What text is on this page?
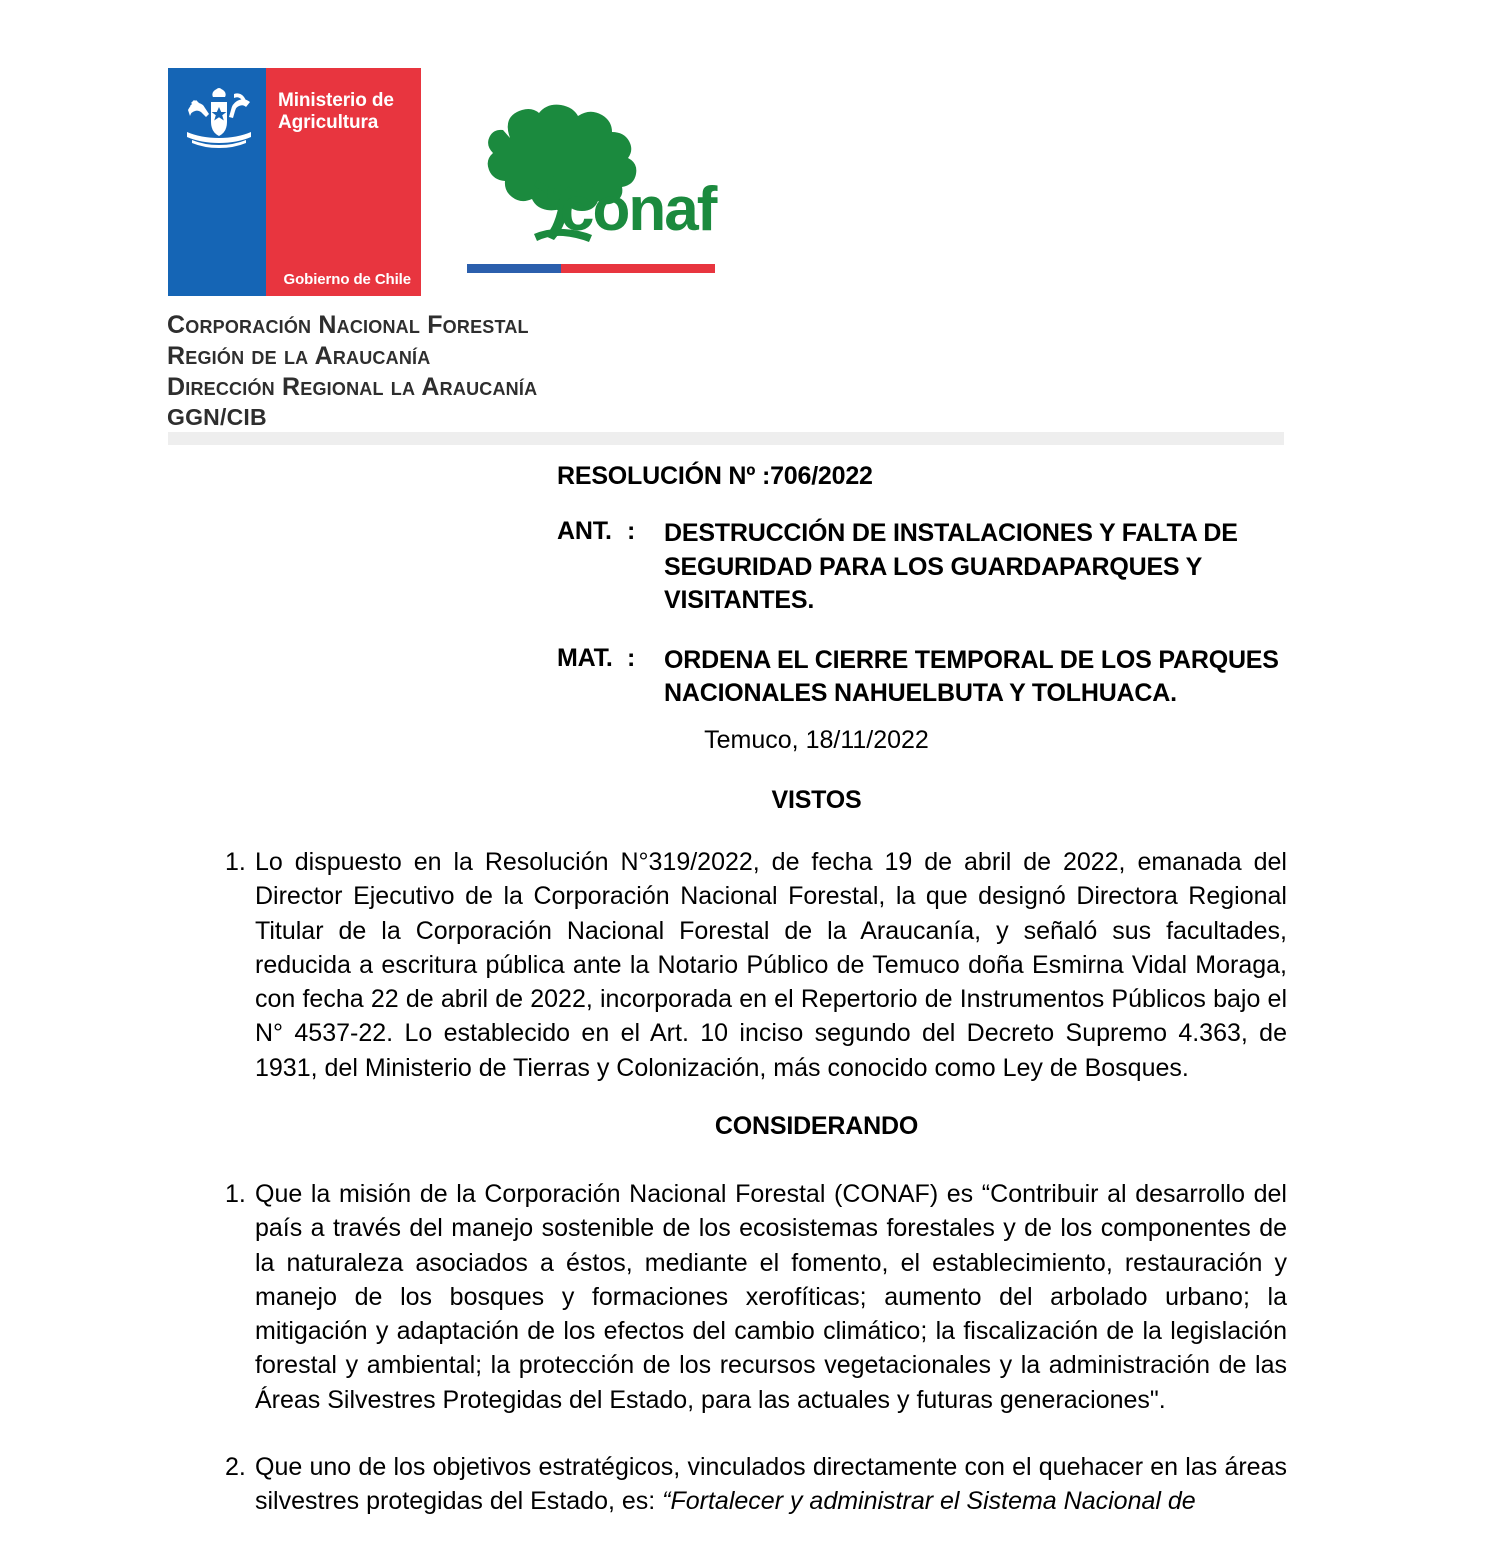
Ministerio de
Agricultura
Gobierno de Chile
conaf
Corporación Nacional Forestal
Región de la Araucanía
Dirección Regional la Araucanía
GGN/CIB
RESOLUCIÓN Nº :706/2022
ANT. :	DESTRUCCIÓN DE INSTALACIONES Y FALTA DE SEGURIDAD PARA LOS GUARDAPARQUES Y VISITANTES.
MAT. :	ORDENA EL CIERRE TEMPORAL DE LOS PARQUES NACIONALES NAHUELBUTA Y TOLHUACA.
Temuco, 18/11/2022
VISTOS
1. Lo dispuesto en la Resolución N°319/2022, de fecha 19 de abril de 2022, emanada del Director Ejecutivo de la Corporación Nacional Forestal, la que designó Directora Regional Titular de la Corporación Nacional Forestal de la Araucanía, y señaló sus facultades, reducida a escritura pública ante la Notario Público de Temuco doña Esmirna Vidal Moraga, con fecha 22 de abril de 2022, incorporada en el Repertorio de Instrumentos Públicos bajo el N° 4537-22. Lo establecido en el Art. 10 inciso segundo del Decreto Supremo 4.363, de 1931, del Ministerio de Tierras y Colonización, más conocido como Ley de Bosques.
CONSIDERANDO
1. Que la misión de la Corporación Nacional Forestal (CONAF) es “Contribuir al desarrollo del país a través del manejo sostenible de los ecosistemas forestales y de los componentes de la naturaleza asociados a éstos, mediante el fomento, el establecimiento, restauración y manejo de los bosques y formaciones xerofíticas; aumento del arbolado urbano; la mitigación y adaptación de los efectos del cambio climático; la fiscalización de la legislación forestal y ambiental; la protección de los recursos vegetacionales y la administración de las Áreas Silvestres Protegidas del Estado, para las actuales y futuras generaciones".
2. Que uno de los objetivos estratégicos, vinculados directamente con el quehacer en las áreas silvestres protegidas del Estado, es: “Fortalecer y administrar el Sistema Nacional de
